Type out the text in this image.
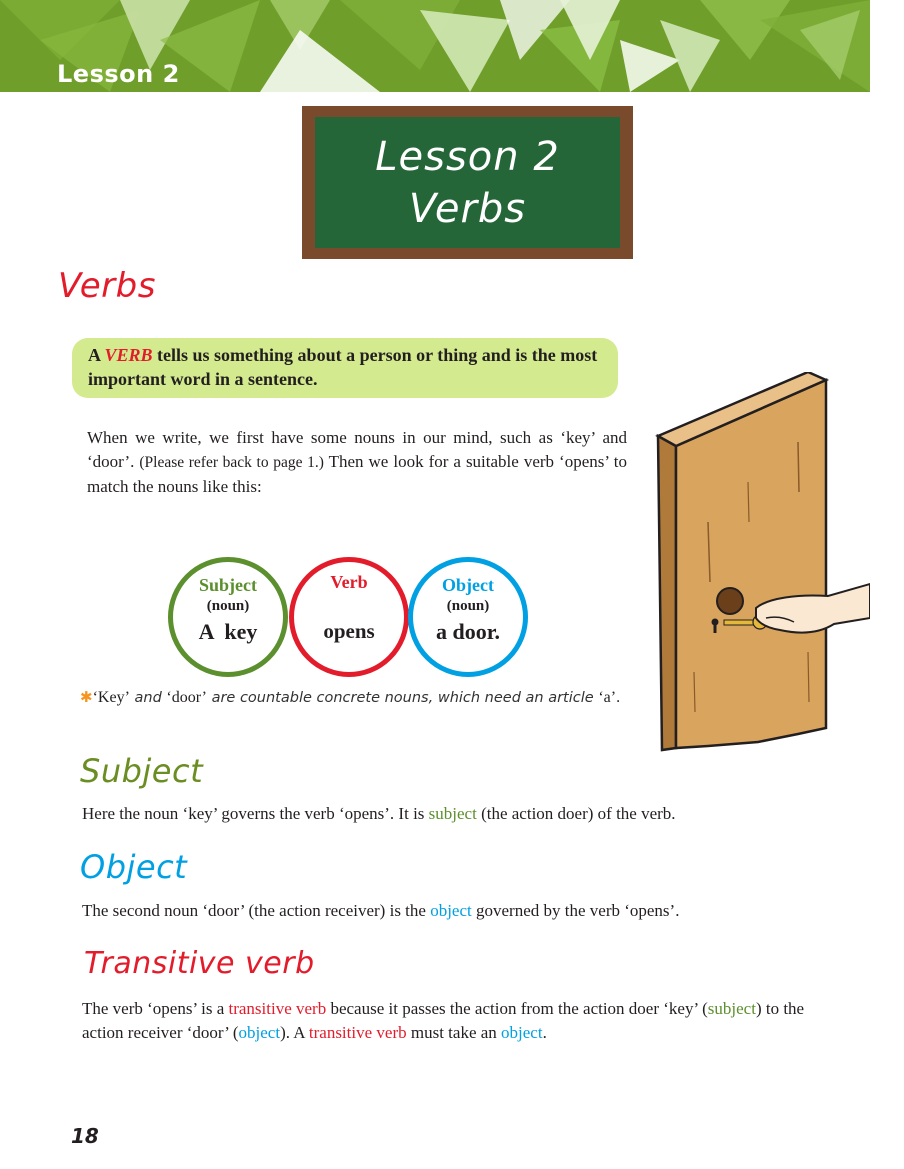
Lesson 2
Lesson 2
Verbs
Verbs
A VERB tells us something about a person or thing and is the most important word in a sentence.
When we write, we first have some nouns in our mind, such as ‘key’ and ‘door’. (Please refer back to page 1.) Then we look for a suitable verb ‘opens’ to match the nouns like this:
Subject
(noun)
A  key
Verb
opens
Object
(noun)
a door.
✱‘Key’ and ‘door’ are countable concrete nouns, which need an article ‘a’.
Subject
Here the noun ‘key’ governs the verb ‘opens’. It is subject (the action doer) of the verb.
Object
The second noun ‘door’ (the action receiver) is the object governed by the verb ‘opens’.
Transitive verb
The verb ‘opens’ is a transitive verb because it passes the action from the action doer ‘key’ (subject) to the action receiver ‘door’ (object). A transitive verb must take an object.
18
